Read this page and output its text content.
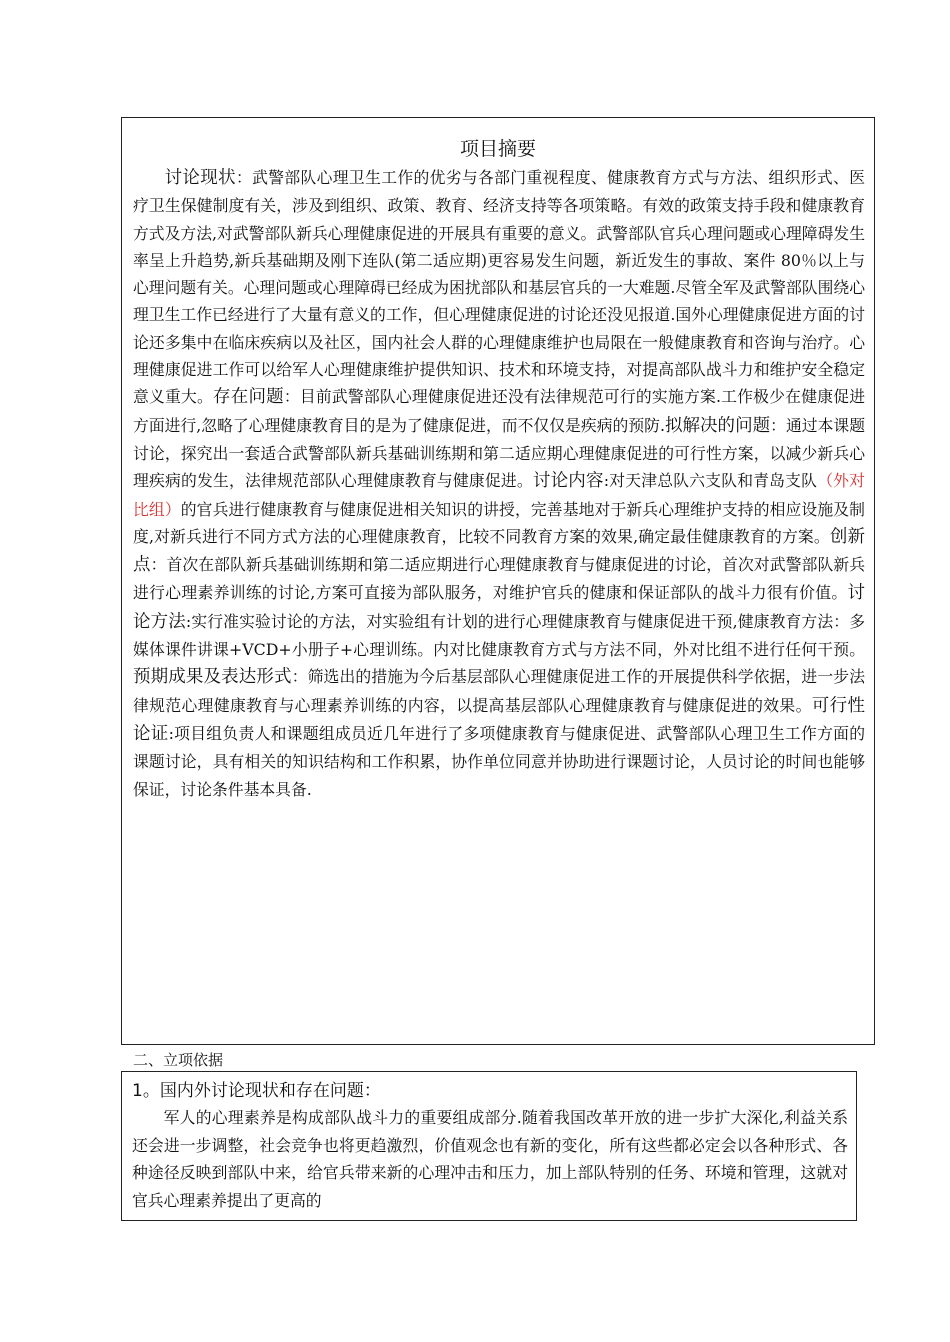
项目摘要
讨论现状：武警部队心理卫生工作的优劣与各部门重视程度、健康教育方式与方法、组织形式、医疗卫生保健制度有关，涉及到组织、政策、教育、经济支持等各项策略。有效的政策支持手段和健康教育方式及方法,对武警部队新兵心理健康促进的开展具有重要的意义。武警部队官兵心理问题或心理障碍发生率呈上升趋势,新兵基础期及刚下连队(第二适应期)更容易发生问题，新近发生的事故、案件 80％以上与心理问题有关。心理问题或心理障碍已经成为困扰部队和基层官兵的一大难题.尽管全军及武警部队围绕心理卫生工作已经进行了大量有意义的工作，但心理健康促进的讨论还没见报道.国外心理健康促进方面的讨论还多集中在临床疾病以及社区，国内社会人群的心理健康维护也局限在一般健康教育和咨询与治疗。心理健康促进工作可以给军人心理健康维护提供知识、技术和环境支持，对提高部队战斗力和维护安全稳定意义重大。存在问题：目前武警部队心理健康促进还没有法律规范可行的实施方案.工作极少在健康促进方面进行,忽略了心理健康教育目的是为了健康促进，而不仅仅是疾病的预防.拟解决的问题：通过本课题讨论，探究出一套适合武警部队新兵基础训练期和第二适应期心理健康促进的可行性方案，以减少新兵心理疾病的发生，法律规范部队心理健康教育与健康促进。讨论内容:对天津总队六支队和青岛支队（外对比组）的官兵进行健康教育与健康促进相关知识的讲授，完善基地对于新兵心理维护支持的相应设施及制度,对新兵进行不同方式方法的心理健康教育，比较不同教育方案的效果,确定最佳健康教育的方案。创新点：首次在部队新兵基础训练期和第二适应期进行心理健康教育与健康促进的讨论，首次对武警部队新兵进行心理素养训练的讨论,方案可直接为部队服务，对维护官兵的健康和保证部队的战斗力很有价值。讨论方法:实行准实验讨论的方法，对实验组有计划的进行心理健康教育与健康促进干预,健康教育方法：多媒体课件讲课+VCD+小册子+心理训练。内对比健康教育方式与方法不同，外对比组不进行任何干预。预期成果及表达形式：筛选出的措施为今后基层部队心理健康促进工作的开展提供科学依据，进一步法律规范心理健康教育与心理素养训练的内容，以提高基层部队心理健康教育与健康促进的效果。可行性论证:项目组负责人和课题组成员近几年进行了多项健康教育与健康促进、武警部队心理卫生工作方面的课题讨论，具有相关的知识结构和工作积累，协作单位同意并协助进行课题讨论，人员讨论的时间也能够保证，讨论条件基本具备.
二、立项依据
1。国内外讨论现状和存在问题：
军人的心理素养是构成部队战斗力的重要组成部分.随着我国改革开放的进一步扩大深化,利益关系还会进一步调整，社会竞争也将更趋激烈，价值观念也有新的变化，所有这些都必定会以各种形式、各种途径反映到部队中来，给官兵带来新的心理冲击和压力，加上部队特别的任务、环境和管理，这就对官兵心理素养提出了更高的
